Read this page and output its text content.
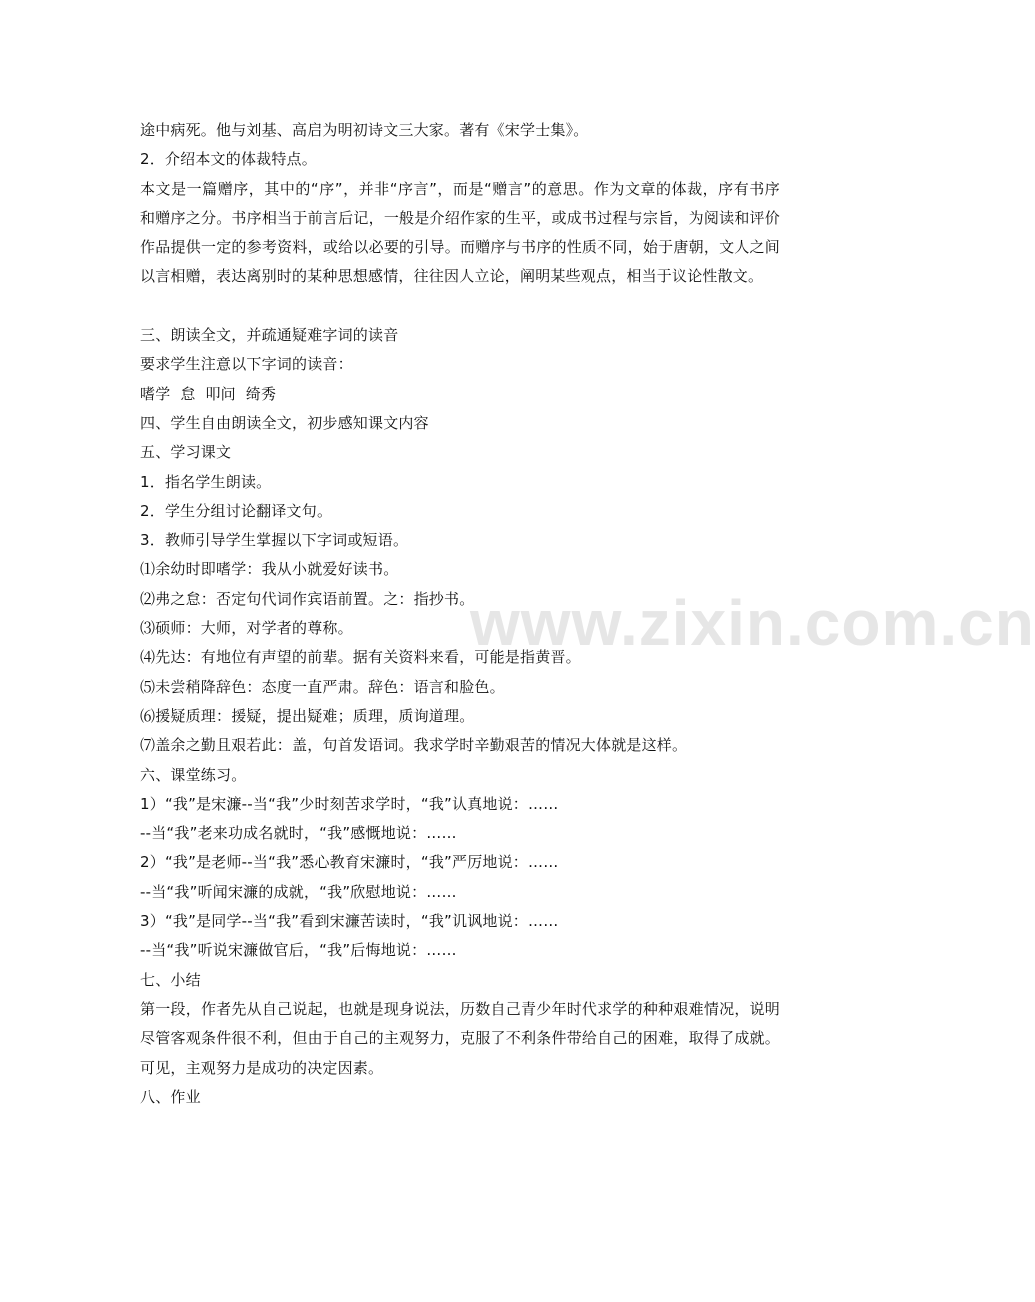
www.zixin.com.cn
途中病死。他与刘基、高启为明初诗文三大家。著有《宋学士集》。
2．介绍本文的体裁特点。
本文是一篇赠序，其中的“序”，并非“序言”，而是“赠言”的意思。作为文章的体裁，序有书序和赠序之分。书序相当于前言后记，一般是介绍作家的生平，或成书过程与宗旨，为阅读和评价作品提供一定的参考资料，或给以必要的引导。而赠序与书序的性质不同，始于唐朝，文人之间以言相赠，表达离别时的某种思想感情，往往因人立论，阐明某些观点，相当于议论性散文。
三、朗读全文，并疏通疑难字词的读音
要求学生注意以下字词的读音：
嗜学  怠  叩问  绮秀
四、学生自由朗读全文，初步感知课文内容
五、学习课文
1．指名学生朗读。
2．学生分组讨论翻译文句。
3．教师引导学生掌握以下字词或短语。
⑴余幼时即嗜学：我从小就爱好读书。
⑵弗之怠：否定句代词作宾语前置。之：指抄书。
⑶硕师：大师，对学者的尊称。
⑷先达：有地位有声望的前辈。据有关资料来看，可能是指黄晋。
⑸未尝稍降辞色：态度一直严肃。辞色：语言和脸色。
⑹援疑质理：援疑，提出疑难；质理，质询道理。
⑺盖余之勤且艰若此：盖，句首发语词。我求学时辛勤艰苦的情况大体就是这样。
六、课堂练习。
1）“我”是宋濂--当“我”少时刻苦求学时，“我”认真地说：……
--当“我”老来功成名就时，“我”感慨地说：……
2）“我”是老师--当“我”悉心教育宋濂时，“我”严厉地说：……
--当“我”听闻宋濂的成就，“我”欣慰地说：……
3）“我”是同学--当“我”看到宋濂苦读时，“我”讥讽地说：……
--当“我”听说宋濂做官后，“我”后悔地说：……
七、小结
第一段，作者先从自己说起，也就是现身说法，历数自己青少年时代求学的种种艰难情况，说明尽管客观条件很不利，但由于自己的主观努力，克服了不利条件带给自己的困难，取得了成就。可见，主观努力是成功的决定因素。
八、作业
